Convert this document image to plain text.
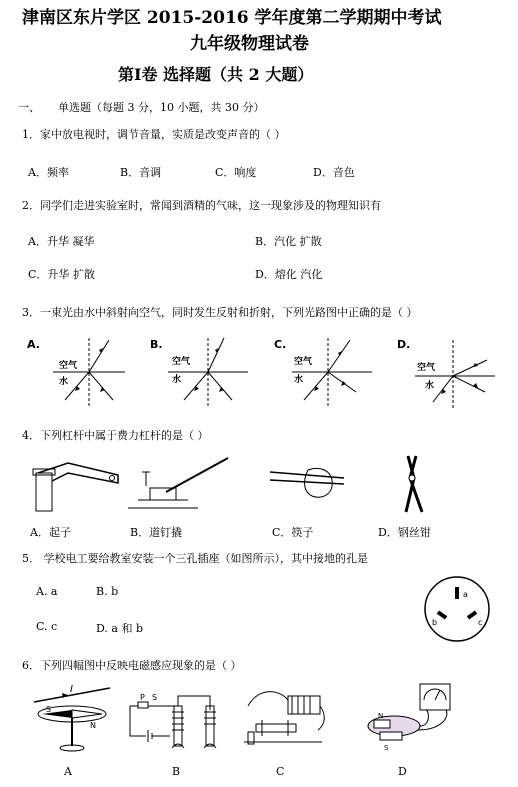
津南区东片学区 2015-2016 学年度第二学期期中考试
九年级物理试卷
第Ⅰ卷 选择题（共 2 大题）
一、 单选题（每题 3 分，10 小题，共 30 分）
1．家中放电视时，调节音量，实质是改变声音的（ ）
A．频率	B．音调	C．响度	D．音色
2．同学们走进实验室时，常闻到酒精的气味，这一现象涉及的物理知识有
A．升华 凝华	B．汽化 扩散
C．升华 扩散	D．熔化 汽化
3．一束光由水中斜射向空气，同时发生反射和折射，下列光路图中正确的是（ ）
A.
空气
水
B.
空气
水
C.
空气
水
D.
空气
水
4．下列杠杆中属于费力杠杆的是（ ）
A．起子	B．道钉撬	C．筷子	D．钢丝钳
5． 学校电工要给教室安装一个三孔插座（如图所示），其中接地的孔是
A. a	B. b
C. c	D. a 和 b
a
b	c
6．下列四幅图中反映电磁感应现象的是（ ）
I
S
N
P S
N
S
A	B	C	D
